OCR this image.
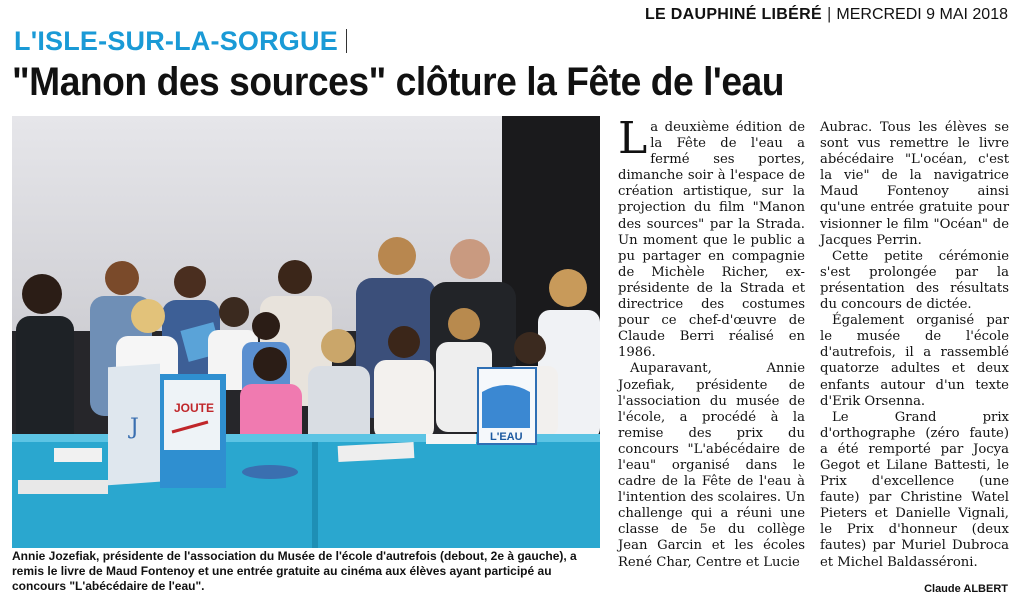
LE DAUPHINÉ LIBÉRÉ | MERCREDI 9 MAI 2018
L'ISLE-SUR-LA-SORGUE
"Manon des sources" clôture la Fête de l'eau
J
JOUTE
L'EAU
Annie Jozefiak, présidente de l'association du Musée de l'école d'autrefois (debout, 2e à gauche), a remis le livre de Maud Fontenoy et une entrée gratuite au cinéma aux élèves ayant participé au concours "L'abécédaire de l'eau".

La deuxième édition de la Fête de l'eau a fermé ses portes, dimanche soir à l'espace de création artistique, sur la projection du film "Manon des sources" par la Strada. Un moment que le public a pu partager en compagnie de Michèle Richer, ex-présidente de la Strada et directrice des costumes pour ce chef-d'œuvre de Claude Berri réalisé en 1986.

Auparavant, Annie Jozefiak, présidente de l'association du musée de l'école, a procédé à la remise des prix du concours "L'abécédaire de l'eau" organisé dans le cadre de la Fête de l'eau à l'intention des scolaires. Un challenge qui a réuni une classe de 5e du collège Jean Garcin et les écoles René Char, Centre et Lucie

Aubrac. Tous les élèves se sont vus remettre le livre abécédaire "L'océan, c'est la vie" de la navigatrice Maud Fontenoy ainsi qu'une entrée gratuite pour visionner le film "Océan" de Jacques Perrin.

Cette petite cérémonie s'est prolongée par la présentation des résultats du concours de dictée.

Également organisé par le musée de l'école d'autrefois, il a rassemblé quatorze adultes et deux enfants autour d'un texte d'Erik Orsenna.

Le Grand prix d'orthographe (zéro faute) a été remporté par Jocya Gegot et Lilane Battesti, le Prix d'excellence (une faute) par Christine Watel Pieters et Danielle Vignali, le Prix d'honneur (deux fautes) par Muriel Dubroca et Michel Baldasséroni.

Claude ALBERT
